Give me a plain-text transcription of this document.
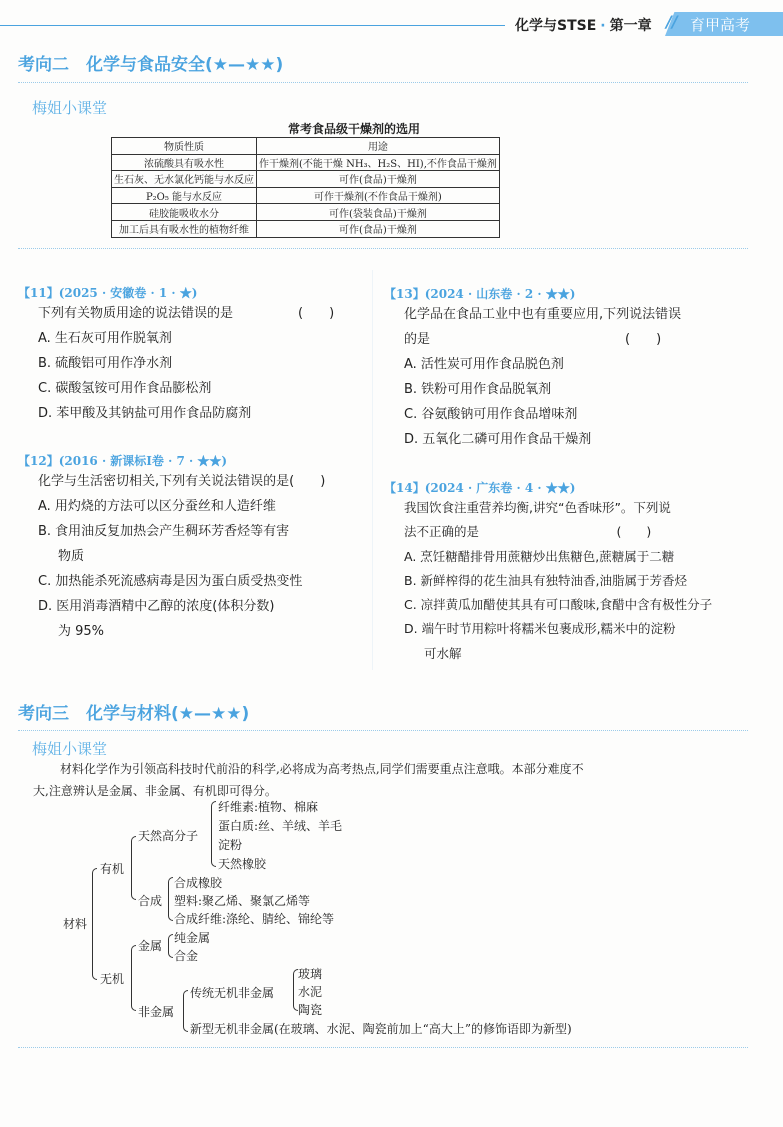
化学与STSE · 第一章 // 育甲高考
考向二　化学与食品安全(★—★★)
梅姐小课堂
常考食品级干燥剂的选用
物质性质	用途
浓硫酸具有吸水性	作干燥剂(不能干燥 NH₃、H₂S、HI),不作食品干燥剂
生石灰、无水氯化钙能与水反应	可作(食品)干燥剂
P₂O₅ 能与水反应	可作干燥剂(不作食品干燥剂)
硅胶能吸收水分	可作(袋装食品)干燥剂
加工后具有吸水性的植物纤维	可作(食品)干燥剂
【11】(2025 · 安徽卷 · 1 · ★)
下列有关物质用途的说法错误的是　　　　　(　　)
A. 生石灰可用作脱氧剂
B. 硫酸铝可用作净水剂
C. 碳酸氢铵可用作食品膨松剂
D. 苯甲酸及其钠盐可用作食品防腐剂
【12】(2016 · 新课标Ⅰ卷 · 7 · ★★)
化学与生活密切相关,下列有关说法错误的是(　　)
A. 用灼烧的方法可以区分蚕丝和人造纤维
B. 食用油反复加热会产生稠环芳香烃等有害
物质
C. 加热能杀死流感病毒是因为蛋白质受热变性
D. 医用消毒酒精中乙醇的浓度(体积分数)
为 95%
【13】(2024 · 山东卷 · 2 · ★★)
化学品在食品工业中也有重要应用,下列说法错误
的是　　　　　　　　　　　　　　　(　　)
A. 活性炭可用作食品脱色剂
B. 铁粉可用作食品脱氧剂
C. 谷氨酸钠可用作食品增味剂
D. 五氧化二磷可用作食品干燥剂
【14】(2024 · 广东卷 · 4 · ★★)
我国饮食注重营养均衡,讲究“色香味形”。下列说
法不正确的是　　　　　　　　　　　(　　)
A. 烹饪糖醋排骨用蔗糖炒出焦糖色,蔗糖属于二糖
B. 新鲜榨得的花生油具有独特油香,油脂属于芳香烃
C. 凉拌黄瓜加醋使其具有可口酸味,食醋中含有极性分子
D. 端午时节用粽叶将糯米包裹成形,糯米中的淀粉
可水解
考向三　化学与材料(★—★★)
梅姐小课堂
材料化学作为引领高科技时代前沿的科学,必将成为高考热点,同学们需要重点注意哦。本部分难度不
大,注意辨认是金属、非金属、有机即可得分。
材料
有机
天然高分子
纤维素:植物、棉麻
蛋白质:丝、羊绒、羊毛
淀粉
天然橡胶
合成
合成橡胶
塑料:聚乙烯、聚氯乙烯等
合成纤维:涤纶、腈纶、锦纶等
无机
金属
纯金属
合金
非金属
传统无机非金属
玻璃
水泥
陶瓷
新型无机非金属(在玻璃、水泥、陶瓷前加上“高大上”的修饰语即为新型)
